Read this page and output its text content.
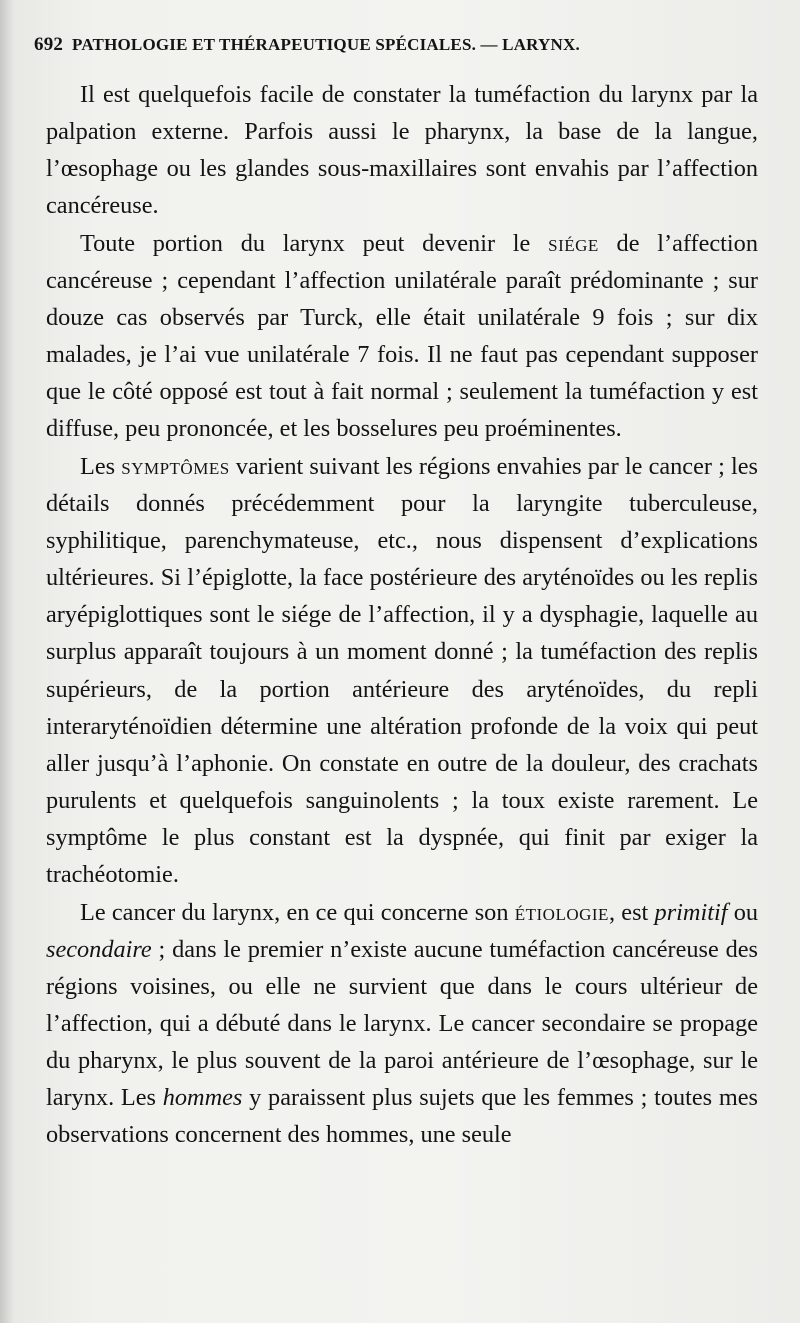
692 PATHOLOGIE ET THÉRAPEUTIQUE SPÉCIALES. — LARYNX.

Il est quelquefois facile de constater la tuméfaction du larynx par la palpation externe. Parfois aussi le pharynx, la base de la langue, l’œsophage ou les glandes sous-maxillaires sont envahis par l’affection cancéreuse.

Toute portion du larynx peut devenir le siége de l’affection cancéreuse ; cependant l’affection unilatérale paraît prédominante ; sur douze cas observés par Turck, elle était unilatérale 9 fois ; sur dix malades, je l’ai vue unilatérale 7 fois. Il ne faut pas cependant supposer que le côté opposé est tout à fait normal ; seulement la tuméfaction y est diffuse, peu prononcée, et les bosselures peu proéminentes.

Les symptômes varient suivant les régions envahies par le cancer ; les détails donnés précédemment pour la laryngite tuberculeuse, syphilitique, parenchymateuse, etc., nous dispensent d’explications ultérieures. Si l’épiglotte, la face postérieure des aryténoïdes ou les replis aryépiglottiques sont le siége de l’affection, il y a dysphagie, laquelle au surplus apparaît toujours à un moment donné ; la tuméfaction des replis supérieurs, de la portion antérieure des aryténoïdes, du repli interaryténoïdien détermine une altération profonde de la voix qui peut aller jusqu’à l’aphonie. On constate en outre de la douleur, des crachats purulents et quelquefois sanguinolents ; la toux existe rarement. Le symptôme le plus constant est la dyspnée, qui finit par exiger la trachéotomie.

Le cancer du larynx, en ce qui concerne son étiologie, est primitif ou secondaire ; dans le premier n’existe aucune tuméfaction cancéreuse des régions voisines, ou elle ne survient que dans le cours ultérieur de l’affection, qui a débuté dans le larynx. Le cancer secondaire se propage du pharynx, le plus souvent de la paroi antérieure de l’œsophage, sur le larynx. Les hommes y paraissent plus sujets que les femmes ; toutes mes observations concernent des hommes, une seule
